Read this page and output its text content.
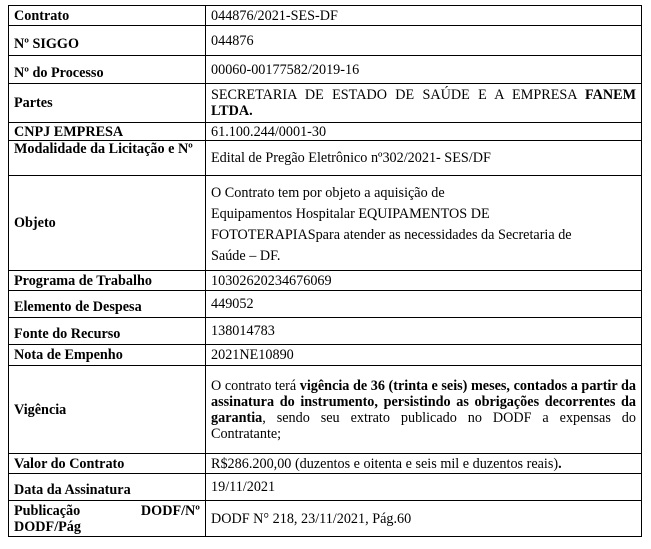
Contrato	044876/2021-SES-DF
Nº SIGGO	044876
Nº do Processo	00060-00177582/2019-16
Partes	SECRETARIA DE ESTADO DE SAÚDE E A EMPRESA FANEM LTDA.
CNPJ EMPRESA	61.100.244/0001-30
Modalidade da Licitação e Nº	Edital de Pregão Eletrônico nº302/2021- SES/DF
Objeto	O Contrato tem por objeto a aquisição de

Equipamentos Hospitalar EQUIPAMENTOS DE

FOTOTERAPIASpara atender as necessidades da Secretaria de

Saúde – DF.

Programa de Trabalho	10302620234676069
Elemento de Despesa	449052
Fonte do Recurso	138014783
Nota de Empenho	2021NE10890
Vigência	O contrato terá vigência de 36 (trinta e seis) meses, contados a partir da assinatura do instrumento, persistindo as obrigações decorrentes da garantia, sendo seu extrato publicado no DODF a expensas do Contratante;
Valor do Contrato	R$286.200,00 (duzentos e oitenta e seis mil e duzentos reais).
Data da Assinatura	19/11/2021

Publicação DODF/Nº
DODF/Pág	DODF N° 218, 23/11/2021, Pág.60
